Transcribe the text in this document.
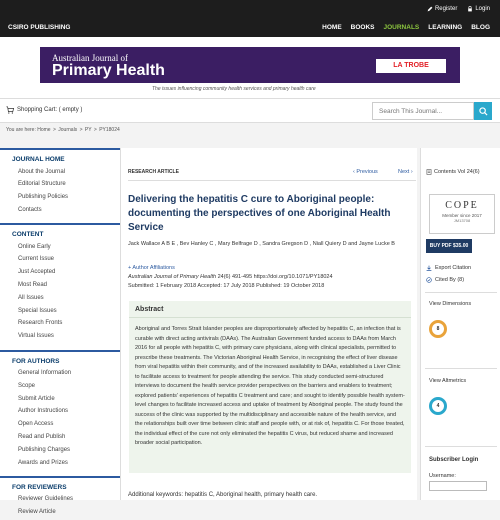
Register	Login
CSIRO PUBLISHING	HOME BOOKS JOURNALS LEARNING BLOG
Australian Journal of
Primary Health	LA TROBE
The issues influencing community health services and primary health care
Shopping Cart: ( empty )
Search This Journal...
You are here: Home > Journals > PY > PY18024
JOURNAL HOME
About the Journal
Editorial Structure
Publishing Policies
Contacts
CONTENT
Online Early
Current Issue
Just Accepted
Most Read
All Issues
Special Issues
Research Fronts
Virtual Issues
FOR AUTHORS
General Information
Scope
Submit Article
Author Instructions
Open Access
Read and Publish
Publishing Charges
Awards and Prizes
FOR REVIEWERS
Reviewer Guidelines
Review Article
RESEARCH ARTICLE	‹ Previous	Next ›
Delivering the hepatitis C cure to Aboriginal people: documenting the perspectives of one Aboriginal Health Service
Jack Wallace A B E , Bev Hanley C , Mary Belfrage D , Sandra Gregson D , Niall Quiery D and Jayne Lucke B
+ Author Affiliations
Australian Journal of Primary Health 24(6) 491-495 https://doi.org/10.1071/PY18024
Submitted: 1 February 2018 Accepted: 17 July 2018 Published: 19 October 2018
Abstract
Aboriginal and Torres Strait Islander peoples are disproportionately affected by hepatitis C, an infection that is curable with direct acting antivirals (DAAs). The Australian Government funded access to DAAs from March 2016 for all people with hepatitis C, with primary care physicians, along with clinical specialists, permitted to prescribe these treatments. The Victorian Aboriginal Health Service, in recognising the effect of liver disease from viral hepatitis within their community, and of the increased availability to DAAs, established a Liver Clinic to facilitate access to treatment for people attending the service. This study conducted semi-structured interviews to document the health service provider perspectives on the barriers and enablers to treatment; explored patients' experiences of hepatitis C treatment and care; and sought to identify possible health system-level changes to facilitate increased access and uptake of treatment by Aboriginal people. The study found the success of the clinic was supported by the multidisciplinary and accessible nature of the health service, and the relationships built over time between clinic staff and people with, or at risk of, hepatitis C. For those treated, the individual effect of the cure not only eliminated the hepatitis C virus, but reduced shame and increased broader social participation.
Additional keywords: hepatitis C, Aboriginal health, primary health care.
Contents Vol 24(6)
COPE
Member since 2017
JM13708
BUY PDF $35.00
Export Citation
Cited By (8)
View Dimensions
8
View Altmetrics
4
Subscriber Login
Username:
